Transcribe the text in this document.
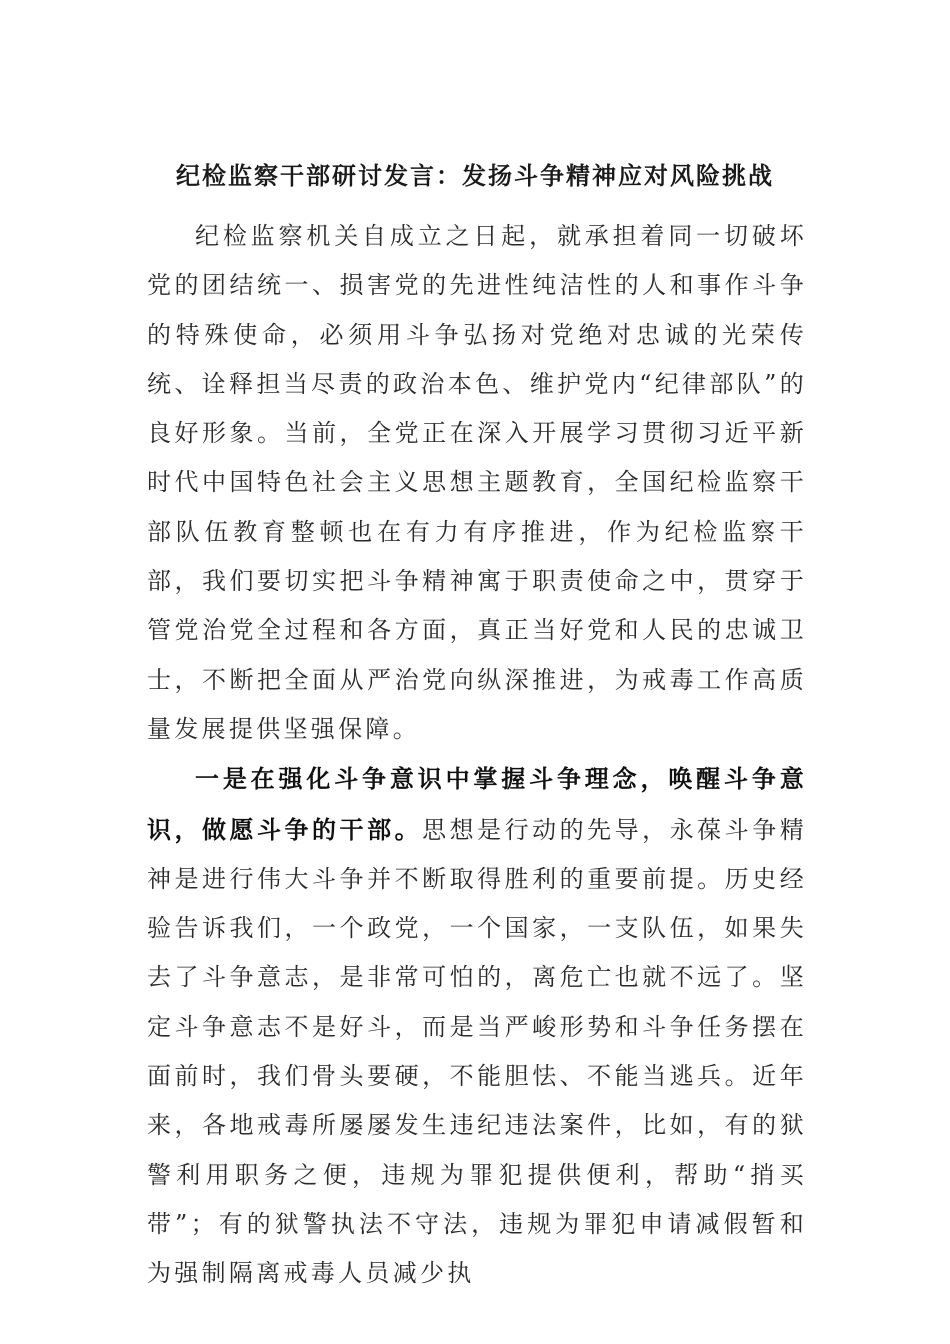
纪检监察干部研讨发言：发扬斗争精神应对风险挑战

纪检监察机关自成立之日起，就承担着同一切破坏党的团结统一、损害党的先进性纯洁性的人和事作斗争的特殊使命，必须用斗争弘扬对党绝对忠诚的光荣传统、诠释担当尽责的政治本色、维护党内“纪律部队”的良好形象。当前，全党正在深入开展学习贯彻习近平新时代中国特色社会主义思想主题教育，全国纪检监察干部队伍教育整顿也在有力有序推进，作为纪检监察干部，我们要切实把斗争精神寓于职责使命之中，贯穿于管党治党全过程和各方面，真正当好党和人民的忠诚卫士，不断把全面从严治党向纵深推进，为戒毒工作高质量发展提供坚强保障。

一是在强化斗争意识中掌握斗争理念，唤醒斗争意识，做愿斗争的干部。思想是行动的先导，永葆斗争精神是进行伟大斗争并不断取得胜利的重要前提。历史经验告诉我们，一个政党，一个国家，一支队伍，如果失去了斗争意志，是非常可怕的，离危亡也就不远了。坚定斗争意志不是好斗，而是当严峻形势和斗争任务摆在面前时，我们骨头要硬，不能胆怯、不能当逃兵。近年来，各地戒毒所屡屡发生违纪违法案件，比如，有的狱警利用职务之便，违规为罪犯提供便利，帮助“捎买带”；有的狱警执法不守法，违规为罪犯申请减假暂和为强制隔离戒毒人员减少执
